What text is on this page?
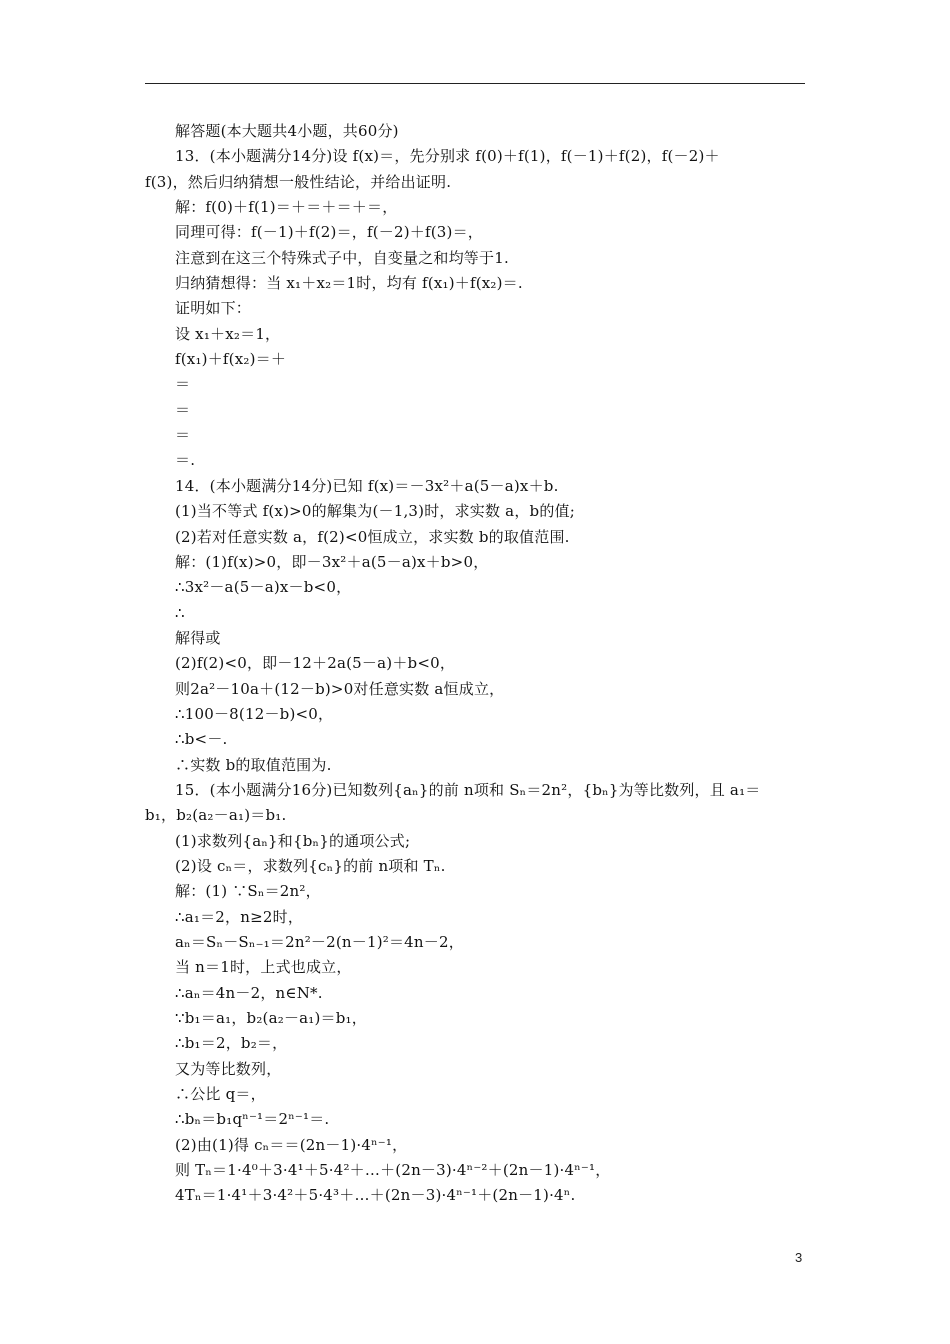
解答题(本大题共4小题，共60分)
13．(本小题满分14分)设 f(x)＝，先分别求 f(0)＋f(1)，f(－1)＋f(2)，f(－2)＋
f(3)，然后归纳猜想一般性结论，并给出证明.
解：f(0)＋f(1)＝＋＝＋＝＋＝，
同理可得：f(－1)＋f(2)＝，f(－2)＋f(3)＝，
注意到在这三个特殊式子中，自变量之和均等于1.
归纳猜想得：当 x₁＋x₂＝1时，均有 f(x₁)＋f(x₂)＝.
证明如下：
设 x₁＋x₂＝1，
f(x₁)＋f(x₂)＝＋
＝
＝
＝
＝.
14．(本小题满分14分)已知 f(x)＝－3x²＋a(5－a)x＋b.
(1)当不等式 f(x)>0的解集为(－1,3)时，求实数 a，b的值;
(2)若对任意实数 a，f(2)<0恒成立，求实数 b的取值范围.
解：(1)f(x)>0，即－3x²＋a(5－a)x＋b>0，
∴3x²－a(5－a)x－b<0，
∴
解得或
(2)f(2)<0，即－12＋2a(5－a)＋b<0，
则2a²－10a＋(12－b)>0对任意实数 a恒成立，
∴100－8(12－b)<0，
∴b<－.
∴实数 b的取值范围为.
15．(本小题满分16分)已知数列{aₙ}的前 n项和 Sₙ＝2n²，{bₙ}为等比数列，且 a₁＝
b₁，b₂(a₂－a₁)＝b₁.
(1)求数列{aₙ}和{bₙ}的通项公式;
(2)设 cₙ＝，求数列{cₙ}的前 n项和 Tₙ.
解：(1) ∵Sₙ＝2n²，
∴a₁＝2，n≥2时，
aₙ＝Sₙ－Sₙ₋₁＝2n²－2(n－1)²＝4n－2，
当 n＝1时，上式也成立，
∴aₙ＝4n－2，n∈N*.
∵b₁＝a₁，b₂(a₂－a₁)＝b₁，
∴b₁＝2，b₂＝，
又为等比数列，
∴公比 q＝，
∴bₙ＝b₁qⁿ⁻¹＝2ⁿ⁻¹＝.
(2)由(1)得 cₙ＝＝(2n－1)·4ⁿ⁻¹，
则 Tₙ＝1·4⁰＋3·4¹＋5·4²＋…＋(2n－3)·4ⁿ⁻²＋(2n－1)·4ⁿ⁻¹，
4Tₙ＝1·4¹＋3·4²＋5·4³＋…＋(2n－3)·4ⁿ⁻¹＋(2n－1)·4ⁿ.
3
